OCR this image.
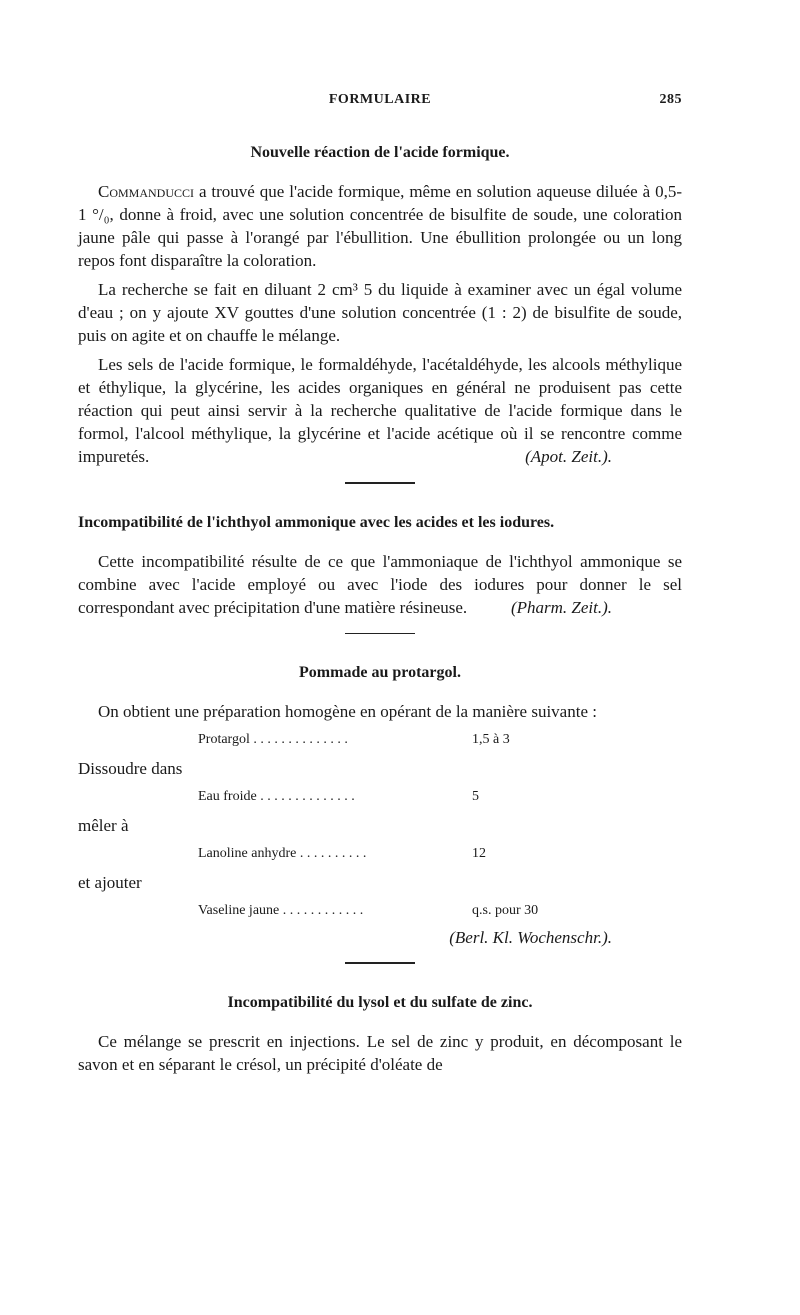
FORMULAIRE	285
Nouvelle réaction de l'acide formique.

Commanducci a trouvé que l'acide formique, même en solution aqueuse diluée à 0,5-1 °/₀, donne à froid, avec une solution concentrée de bisulfite de soude, une coloration jaune pâle qui passe à l'orangé par l'ébullition. Une ébullition prolongée ou un long repos font disparaître la coloration.

La recherche se fait en diluant 2 cm³ 5 du liquide à examiner avec un égal volume d'eau ; on y ajoute XV gouttes d'une solution concentrée (1 : 2) de bisulfite de soude, puis on agite et on chauffe le mélange.

Les sels de l'acide formique, le formaldéhyde, l'acétaldéhyde, les alcools méthylique et éthylique, la glycérine, les acides organiques en général ne produisent pas cette réaction qui peut ainsi servir à la recherche qualitative de l'acide formique dans le formol, l'alcool méthylique, la glycérine et l'acide acétique où il se rencontre comme impuretés.	(Apot. Zeit.).

Incompatibilité de l'ichthyol ammonique avec les acides et les iodures.

Cette incompatibilité résulte de ce que l'ammoniaque de l'ichthyol ammonique se combine avec l'acide employé ou avec l'iode des iodures pour donner le sel correspondant avec précipitation d'une matière résineuse.	(Pharm. Zeit.).

Pommade au protargol.

On obtient une préparation homogène en opérant de la manière suivante :

Protargol . . . . . . . . . . . . . .	1,5 à 3
Dissoudre dans
Eau froide . . . . . . . . . . . . . .	5
mêler à
Lanoline anhydre . . . . . . . . . .	12
et ajouter
Vaseline jaune . . . . . . . . . . . .	q.s. pour 30
(Berl. Kl. Wochenschr.).
Incompatibilité du lysol et du sulfate de zinc.

Ce mélange se prescrit en injections. Le sel de zinc y produit, en décomposant le savon et en séparant le crésol, un précipité d'oléate de
